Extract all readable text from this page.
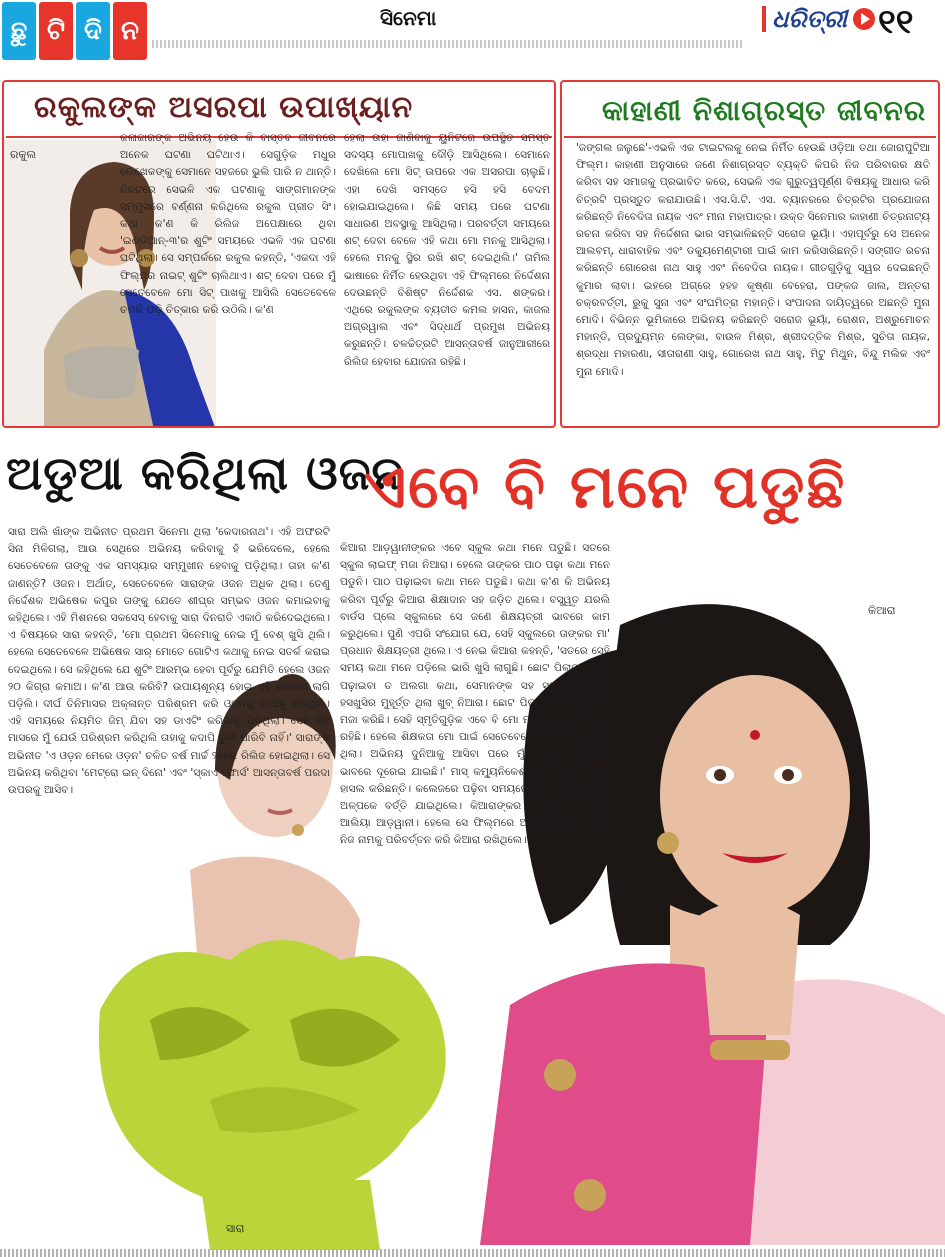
ଛୁ ଟି ଦି ନ	ସିନେମା	ଧରିତ୍ରୀ ୧୧
ରକୁଲଙ୍କ ଅସରପା ଉପାଖ୍ୟାନ
ରକୁଲ

କଳାକାରଙ୍କ ଅଭିନୟ ହେଉ କି ବାସ୍ତବ ଜୀବନରେ ଅନେକ ଘଟଣା ଘଟିଥାଏ। ସେଗୁଡ଼ିକ ମଧୁର ଲେଖେକଙ୍କୁ ସେମାନେ ସହଜରେ ଭୁଲି ପାରି ନ ଥାନ୍ତି। ନିକଟରେ ସେଭଳି ଏକ ଘଟଣାକୁ ସାଙ୍ଗମାନଙ୍କ ସମ୍ମୁଖରେ ବର୍ଣ୍ଣନା କରିଥିଲେ ରକୁଲ ପ୍ରୀତ ସିଂ। କଥା କ'ଣ କି ରିଲିଜ ଅପେକ୍ଷାରେ ଥିବା 'ଇଣ୍ଡିଆନ୍-୩'ର ଶୁଟିଂ ସମୟରେ ଏଭଳି ଏକ ଘଟଣା ଘଟିଥିଲା। ସେ ସମ୍ପର୍କରେ ରକୁଲ କହନ୍ତି, 'ଏକଦା ଏହି ଫିଲ୍ମର ନାଇଟ୍ ଶୁଟିଂ ଚାଲିଥାଏ। ଶଟ୍ ଦେବା ପରେ ମୁଁ ସେତେବେଳେ ମୋ ସିଟ୍ ପାଖକୁ ଆସିଲି ସେତେବେଳେ ଚମକି ପଡ଼ି ଚିତ୍କାର କରି ଉଠିଲି। କ'ଣ

ହେଲା ତାହା ଜାଣିବାକୁ ୟୁନିଟରେ ଉପସ୍ଥିତ ସମସ୍ତ ସଦସ୍ୟ ମୋପାଖକୁ ଦୌଡ଼ି ଆସିଥିଲେ। ସେମାନେ ଦେଖିଲେ ମୋ ସିଟ୍ ଉପରେ ଏକ ଅସରପା ଚାଲୁଛି। ଏହା ଦେଖି ସମସ୍ତେ ହସି ହସି ବେଦମ ହୋଇଯାଇଥିଲେ। କିଛି ସମୟ ପରେ ଘଟଣା ସାଧାରଣ ଅବସ୍ଥାକୁ ଆସିଥିଲା। ପରବର୍ତ୍ତୀ ସମୟରେ ଶଟ୍ ଦେବା ବେଳେ ଏହି କଥା ମୋ ମନକୁ ଆସିଥିଲା। ହେଲେ ମନକୁ ସ୍ଥିର ରଖି ଶଟ୍ ଦେଇଥିଲି।' ତାମିଲ ଭାଷାରେ ନିର୍ମିତ ହେଉଥିବା ଏହି ଫିଲ୍ମରେ ନିର୍ଦ୍ଦେଶନା ଦେଉଛନ୍ତି ବିଶିଷ୍ଟ ନିର୍ଦ୍ଦେଶକ ଏସ. ଶଙ୍କର। ଏଥିରେ ରକୁଲଙ୍କ ବ୍ୟତୀତ କମଲ ହାସନ, କାଜଲ ଅଗ୍ରୱାଲ ଏବଂ ସିଦ୍ଧାର୍ଥ ପ୍ରମୁଖ ଅଭିନୟ କରୁଛନ୍ତି। ଚଳଚ୍ଚିତ୍ରଟି ଆସନ୍ତାବର୍ଷ ଜାନୁଆରୀରେ ରିଲିଜ ହେବାର ଯୋଜନା ରହିଛି।

କାହାଣୀ ନିଶାଗ୍ରସ୍ତ ଜୀବନର

'ଜଙ୍ଗଲ ଜଲୁଛେ'-ଏଭଳି ଏକ ଟାଇଟଲକୁ ନେଇ ନିର୍ମିତ ହେଉଛି ଓଡ଼ିଆ ତଥା ଜୋରାପୁଟିଆ ଫିଲ୍ମ। କାହାଣୀ ଅନୁସାରେ ଜଣେ ନିଶାଗ୍ରସ୍ତ ବ୍ୟକ୍ତି କିପରି ନିଜ ପରିବାରର କ୍ଷତି କରିବା ସହ ସମାଜକୁ ପ୍ରଭାବିତ କରେ, ସେଭଳି ଏକ ଗୁରୁତ୍ୱପୂର୍ଣ୍ଣ ବିଷୟକୁ ଆଧାର କରି ଚିତ୍ରଟି ପ୍ରସ୍ତୁତ କରାଯାଉଛି। ଏସ.ସି.ଟି. ଏସ. ବ୍ୟାନରରେ ଚିତ୍ରଟିର ପ୍ରଯୋଜନା କରିଛନ୍ତି ନିବେଦିତା ନାୟକ ଏବଂ ମୀନା ମହାପାତ୍ର। ଉକ୍ତ ସିନେମାର କାହାଣୀ ଚିତ୍ରନାଟ୍ୟ ରଚନା କରିବା ସହ ନିର୍ଦ୍ଦେଶନା ଭାର ସମ୍ଭାଳିଛନ୍ତି ସରୋଜ ଭୂୟାଁ। ଏହାପୂର୍ବରୁ ସେ ଅନେକ ଆଲବମ୍, ଧାରାବାହିକ ଏବଂ ଡକ୍ୟୁମେଣ୍ଟାରୀ ପାଇଁ କାମ କରିସାରିଛନ୍ତି। ସଙ୍ଗୀତ ରଚନା କରିଛନ୍ତି ଗୋରେଖ ନାଥ ସାହୁ ଏବଂ ନିବେଦିତା ନାୟକ। ଗୀତଗୁଡ଼ିକୁ ସ୍ୱର ଦେଇଛନ୍ତି କୁମାର ଲାବା। ଇହରେ ଅଗ୍ରେ ହହହ କୃଷ୍ଣା ବେହେରା, ପଙ୍କଜ ଜାଲ, ଅନ୍ତରା ଚକ୍ରବର୍ତ୍ତୀ, ରୁକୁ ସୁନା ଏବଂ ସଂଘମିତ୍ରା ମହାନ୍ତି। ସଂପାଦନା ଦାୟିତ୍ୱରେ ଅଛନ୍ତି ମୁନା ମୋଦି। ବିଭିନ୍ନ ଭୂମିକାରେ ଅଭିନୟ କରିଛନ୍ତି ସରୋଜ ଭୂୟାଁ, ରୋଶନ, ଅଶ୍ରୁମୋଚନ ମହାନ୍ତି, ପ୍ରଦ୍ୟୁମ୍ନ ଲେଙ୍କା, ବାଉଳ ମିଶ୍ର, ଶ୍ରୀଦତ୍ତିକ ମିଶ୍ର, ସୁଚିତା ନାୟକ, ଶ୍ରଦ୍ଧା ମହାରଣା, ସୀତାରାଣୀ ସାହୁ, ଗୋରେଖ ନାଥ ସାହୁ, ମିଟୁ ମିଥୁନ, ବିନ୍ଦୁ ମଲିକ ଏବଂ ମୁନା ମୋଦି।

ଅଡୁଆ କରିଥିଲା ଓଜନ
ସାରା

ସାରା ଅଲି ଖାଁଙ୍କ ଅଭିନୀତ ପ୍ରଥମ ସିନେମା ଥିଲା 'କେଦାରନାଥ'। ଏହି ଅଫରଟି ସିନା ମିଳିଗଲା, ଆଉ ସେଥିରେ ଅଭିନୟ କରିବାକୁ ହଁ ଭରିଦେଲେ, ହେଲେ ସେତେବେଳେ ତାଙ୍କୁ ଏକ ସମସ୍ୟାର ସମ୍ମୁଖୀନ ହେବାକୁ ପଡ଼ିଥିଲା। ତାହା କ'ଣ ଜାଣନ୍ତି? ଓଜନ। ଅର୍ଥାତ୍, ସେତେବେଳେ ସାରାଙ୍କ ଓଜନ ଅଧିକ ଥିଲା। ତେଣୁ ନିର୍ଦ୍ଦେଶକ ଅଭିଷେକ କପୁର ତାଙ୍କୁ ଯେତେ ଶୀଘ୍ର ସମ୍ଭବ ଓଜନ କମାଇବାକୁ କହିଥିଲେ। ଏହି ମିଶନରେ ସକସେସ୍ ହେବାକୁ ସାରା ଦିନରାତି ଏକାଠି କରିଦେଇଥିଲେ। ଏ ବିଷୟରେ ସାରା କହନ୍ତି, 'ମୋ ପ୍ରଥମ ସିନେମାକୁ ନେଇ ମୁଁ ବେଶ୍ ଖୁସି ଥିଲି। ହେଲେ ସେତେବେଳେ ଅଭିଷେକ ସାର୍ ମୋତେ ଗୋଟିଏ କଥାକୁ ନେଇ ସତର୍କ କରାଇ ଦେଇଥିଲେ। ସେ କହିଥିଲେ ଯେ ଶୁଟିଂ ଆରମ୍ଭ ହେବା ପୂର୍ବରୁ ଯେମିତି ହେଲେ ଓଜନ ୨୦ କିଗ୍ରା କମାଅ। କ'ଣ ଆଉ କରିବି? ଉପାୟଶୂନ୍ୟ ହୋଇ ଏହି କାମରେ ଲାଗି ପଡ଼ିଲି। ଦୀର୍ଘ ତିନିମାସର ଅକ୍ଳାନ୍ତ ପରିଶ୍ରମ କରି ଓଜନକୁ କାଆବୁ କରିଥିଲି। ଏହି ସମୟରେ ନିୟମିତ ଜିମ୍ ଯିବା ସହ ଡାଏଟିଂ କରିବାକୁ ପଡ଼ିଥିଲା। ସେହି ତିନି ମାସରେ ମୁଁ ଯେଉଁ ପରିଶ୍ରମ କରିଥିଲି ତାହାକୁ କଦାପି ଭୁଲି ପାରିବି ନାହିଁ।' ସାରାଙ୍କ ଅଭିନୀତ 'ଏ ଓଡ଼ନ ମେରେ ଓଡ଼ନ' ଚଳିତ ବର୍ଷ ମାର୍ଚ୍ଚ ୨୪ରେ ରିଲିଜ ହୋଇଥିଲା। ସେ ଅଭିନୟ କରିଥିବା 'ମେଟ୍ରୋ ଇନ୍ ଦିନୋ' ଏବଂ 'ସ୍କାଏ ଫୋର୍ସ' ଆସନ୍ତାବର୍ଷ ପରଦା ଉପରକୁ ଆସିବ।

ଏବେ ବି ମନେ ପଡୁଛି
କିଆରା

କିଆରା ଆଡ଼ୱାନୀଙ୍କର ଏବେ ସ୍କୁଲ କଥା ମନେ ପଡୁଛି। ସତରେ ସ୍କୁଲ ଲାଇଫ୍ ମଜା ନିଆରା। ହେଲେ ତାଙ୍କର ପାଠ ପଢ଼ା କଥା ମନେ ପଡୁନି। ପାଠ ପଢ଼ାଇବା କଥା ମନେ ପଡୁଛି। କଥା କ'ଣ କି ଅଭିନୟ କରିବା ପୂର୍ବରୁ କିଆରା ଶିକ୍ଷାଦାନ ସହ ଜଡ଼ିତ ଥିଲେ। ବସ୍ତ୍ୱୃତ ଯରଲି ବାର୍ଡସ ପ୍ଲେ ସ୍କୁଲରେ ସେ ଜଣେ ଶିକ୍ଷୟତ୍ରୀ ଭାବରେ କାମ କରୁଥିଲେ। ପୁଣି ଏପରି ସଂଯୋଗ ଯେ, ସେହି ସ୍କୁଲରେ ତାଙ୍କର ମା' ପ୍ରଧାନ ଶିକ୍ଷୟତ୍ରୀ ଥିଲେ। ଏ ନେଇ କିଆରା କହନ୍ତି, 'ସତରେ ସେହି ସମୟ କଥା ମନେ ପଡ଼ିଲେ ଭାରି ଖୁସି ଲାଗୁଛି। ଛୋଟ ପିଲାଙ୍କୁ ପାଠ ପଢ଼ାଇବା ତ ଅଲଗା କଥା, ସେମାନଙ୍କ ସହ ସହ ବିତେଇଥିବା ହସଖୁସିର ମୁହୂର୍ତ୍ତ ଥିଲା ଖୁବ୍ ନିଆରା। ଛୋଟ ପିଲାଙ୍କ ସହ ମୁଁ ଢେର ମଜା କରିଛି। ସେହି ସ୍ମୃତିଗୁଡ଼ିକ ଏବେ ବି ମୋ ମନରେ ସତେଜ ହୋଇ ରହିଛି। ହେଲେ ଶିକ୍ଷକତା ମୋ ପାଇଁ ସେତେବେଳେ ପାର୍ଟ ଟାଇମ କାମ ଥିଲା। ଅଭିନୟ ଦୁନିଆକୁ ଆସିବା ପରେ ମୁଁ ସେଠାରୁ ସମ୍ପୂର୍ଣ୍ଣ ଭାବରେ ଦୂରେଇ ଯାଇଛି।' ମାସ୍ କମ୍ୟୁନିକେଶନରେ କିଆରା ଡିଗ୍ରୀ ହାସଲ କରିଛନ୍ତି। କଲେଜରେ ପଢ଼ିବା ସମୟରେ ସେ ଏକ ଦୁର୍ଘଟଣାରୁ ଅଳ୍ପକେ ବର୍ତ୍ତି ଯାଇଥିଲେ। କିଆରାଙ୍କର ପ୍ରକୃତ ନାମ ଥିଲା ଆଲିୟା ଆଡ଼ୱାନୀ। ହେଲେ ସେ ଫିଲ୍ମରେ ଅଭିନୟ କରିବା ପରେ ନିଜ ନାମକୁ ପରିବର୍ତ୍ତନ କରି କିଆରା ରଖିଥିଲେ।
